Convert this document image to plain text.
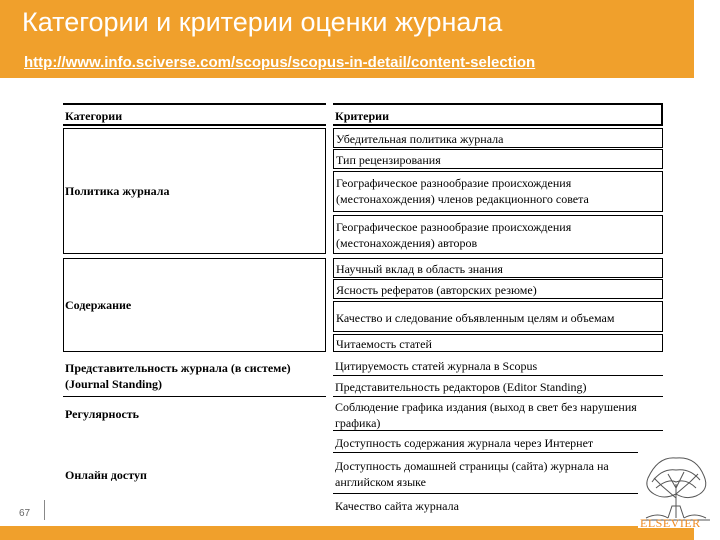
Категории и критерии оценки журнала
http://www.info.sciverse.com/scopus/scopus-in-detail/content-selection
Категории	Критерии
Политика журнала
Убедительная политика журнала
Тип рецензирования
Географическое разнообразие происхождения (местонахождения) членов редакционного совета
Географическое разнообразие происхождения (местонахождения) авторов
Содержание
Научный вклад в область знания
Ясность рефератов (авторских резюме)
Качество и следование объявленным целям и объемам
Читаемость статей
Представительность журнала (в системе) (Journal Standing)
Цитируемость статей журнала в Scopus
Представительность редакторов (Editor Standing)
Регулярность	Соблюдение графика издания (выход в свет без нарушения графика)
Онлайн доступ
Доступность содержания журнала через Интернет
Доступность домашней страницы (сайта) журнала на английском языке
Качество сайта журнала
67
ELSEVIER
